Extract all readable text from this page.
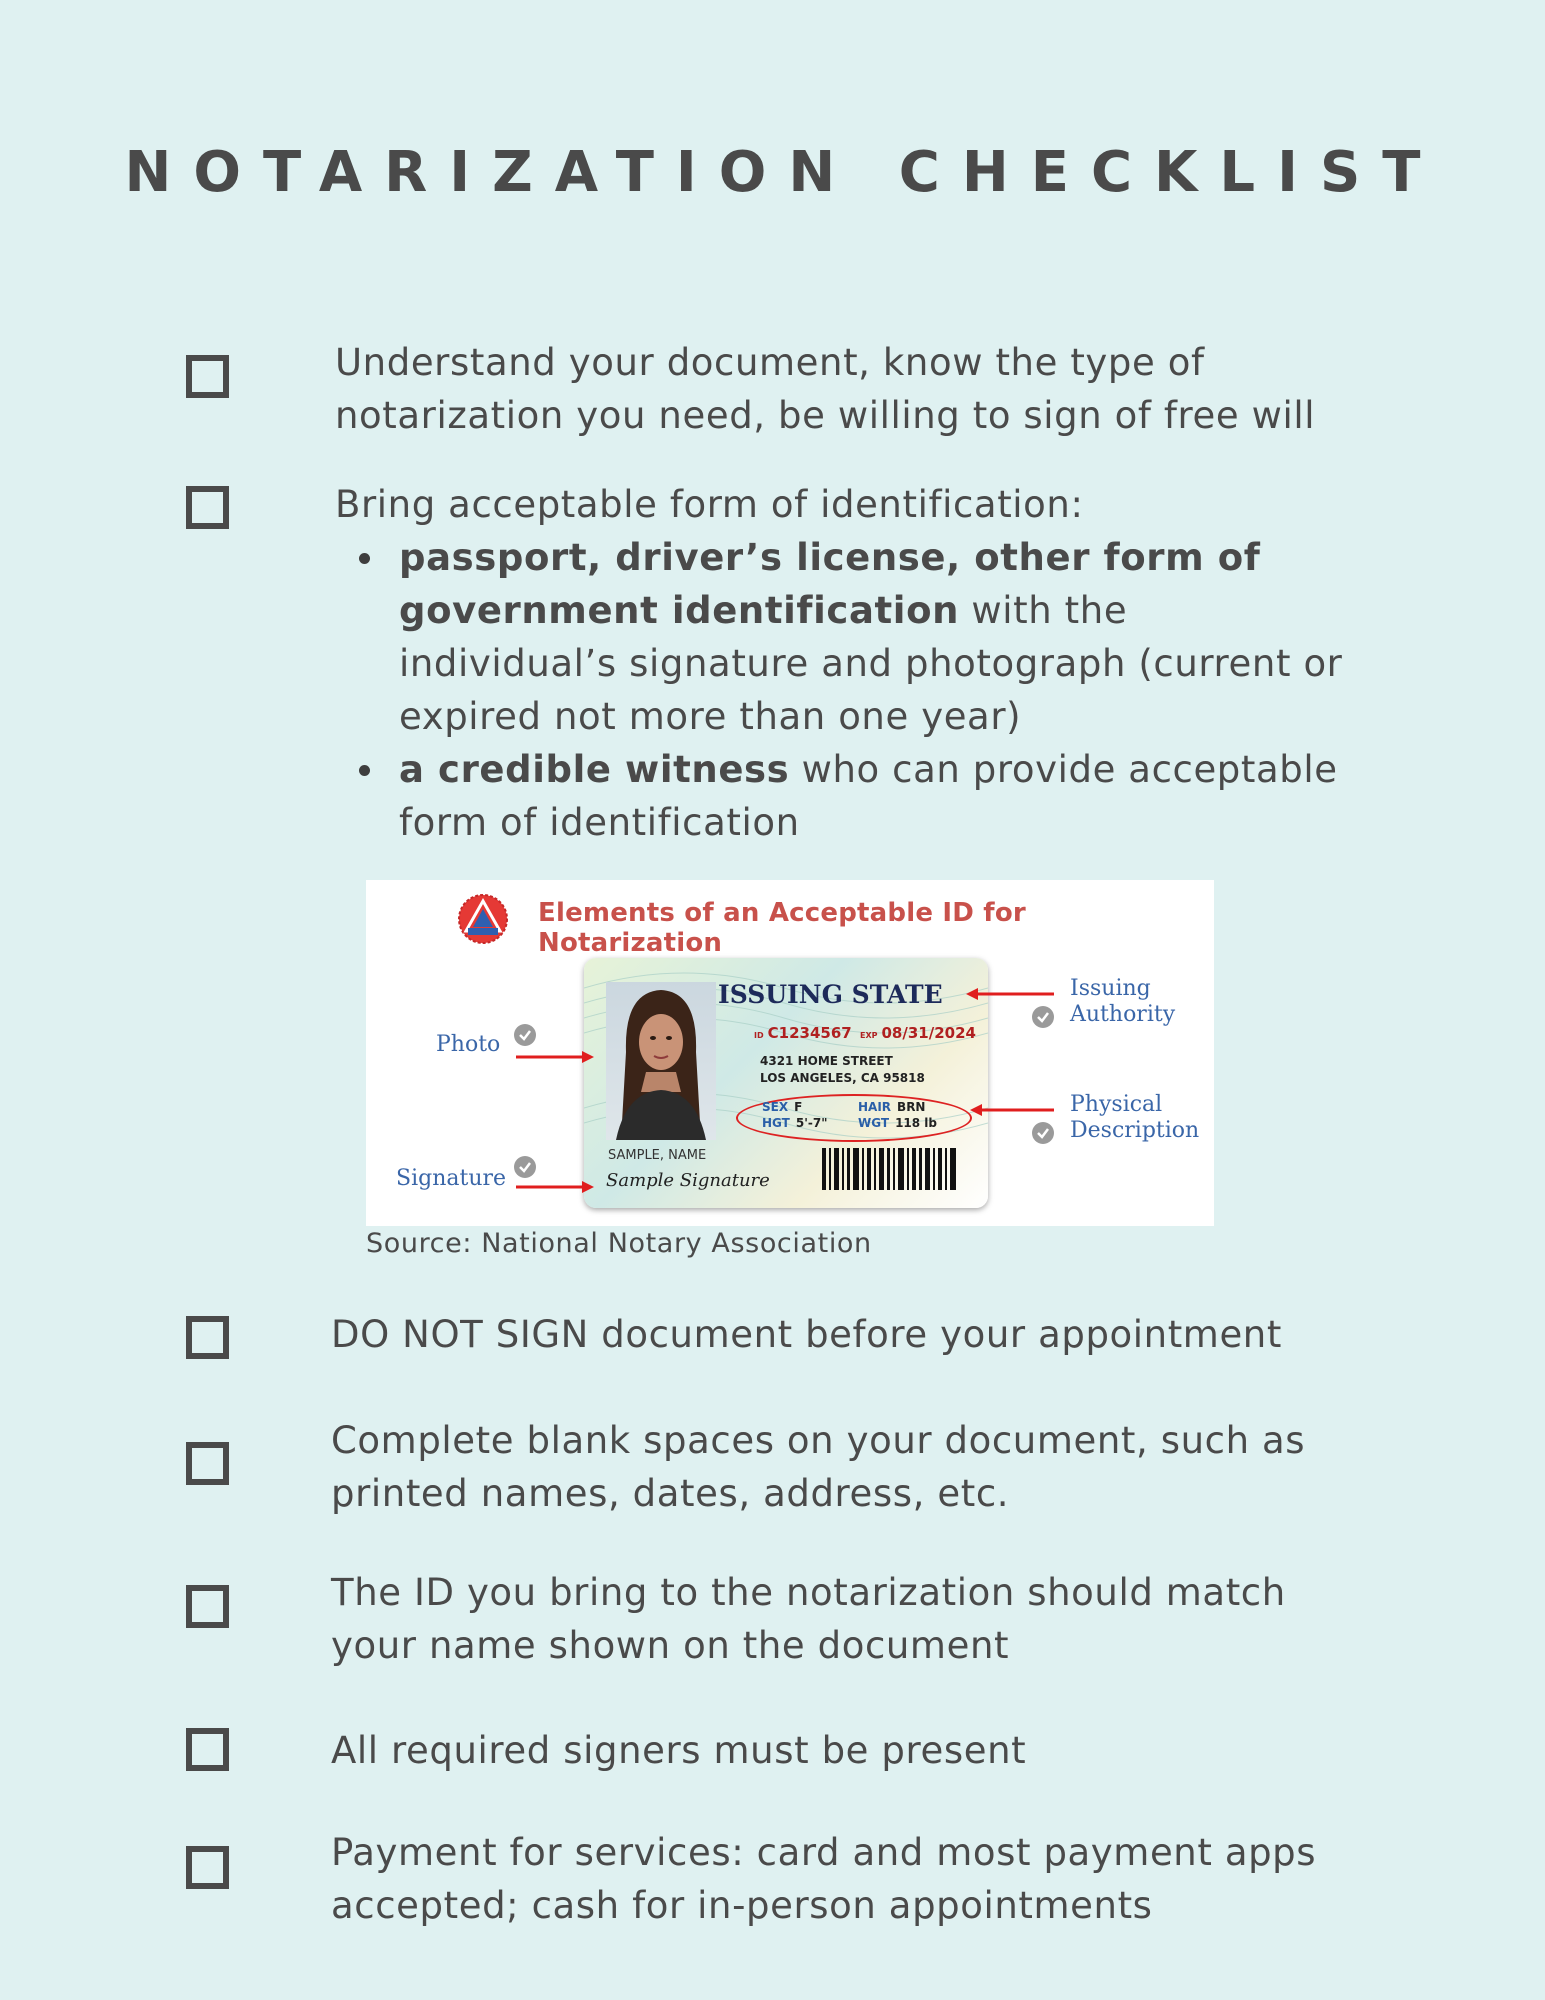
NOTARIZATION CHECKLIST
Understand your document, know the type of notarization you need, be willing to sign of free will
Bring acceptable form of identification:
passport, driver’s license, other form of government identification with the individual’s signature and photograph (current or expired not more than one year)
a credible witness who can provide acceptable form of identification
Elements of an Acceptable ID for Notarization
ISSUING STATE
ID C1234567 EXP 08/31/2024
4321 HOME STREET
LOS ANGELES, CA 95818
SEX F
HGT 5'-7"
HAIR BRN
WGT 118 lb
SAMPLE, NAME
Sample Signature
Photo
Signature
Issuing
Authority
Physical
Description
Source: National Notary Association
DO NOT SIGN document before your appointment
Complete blank spaces on your document, such as printed names, dates, address, etc.
The ID you bring to the notarization should match your name shown on the document
All required signers must be present
Payment for services: card and most payment apps accepted; cash for in-person appointments
